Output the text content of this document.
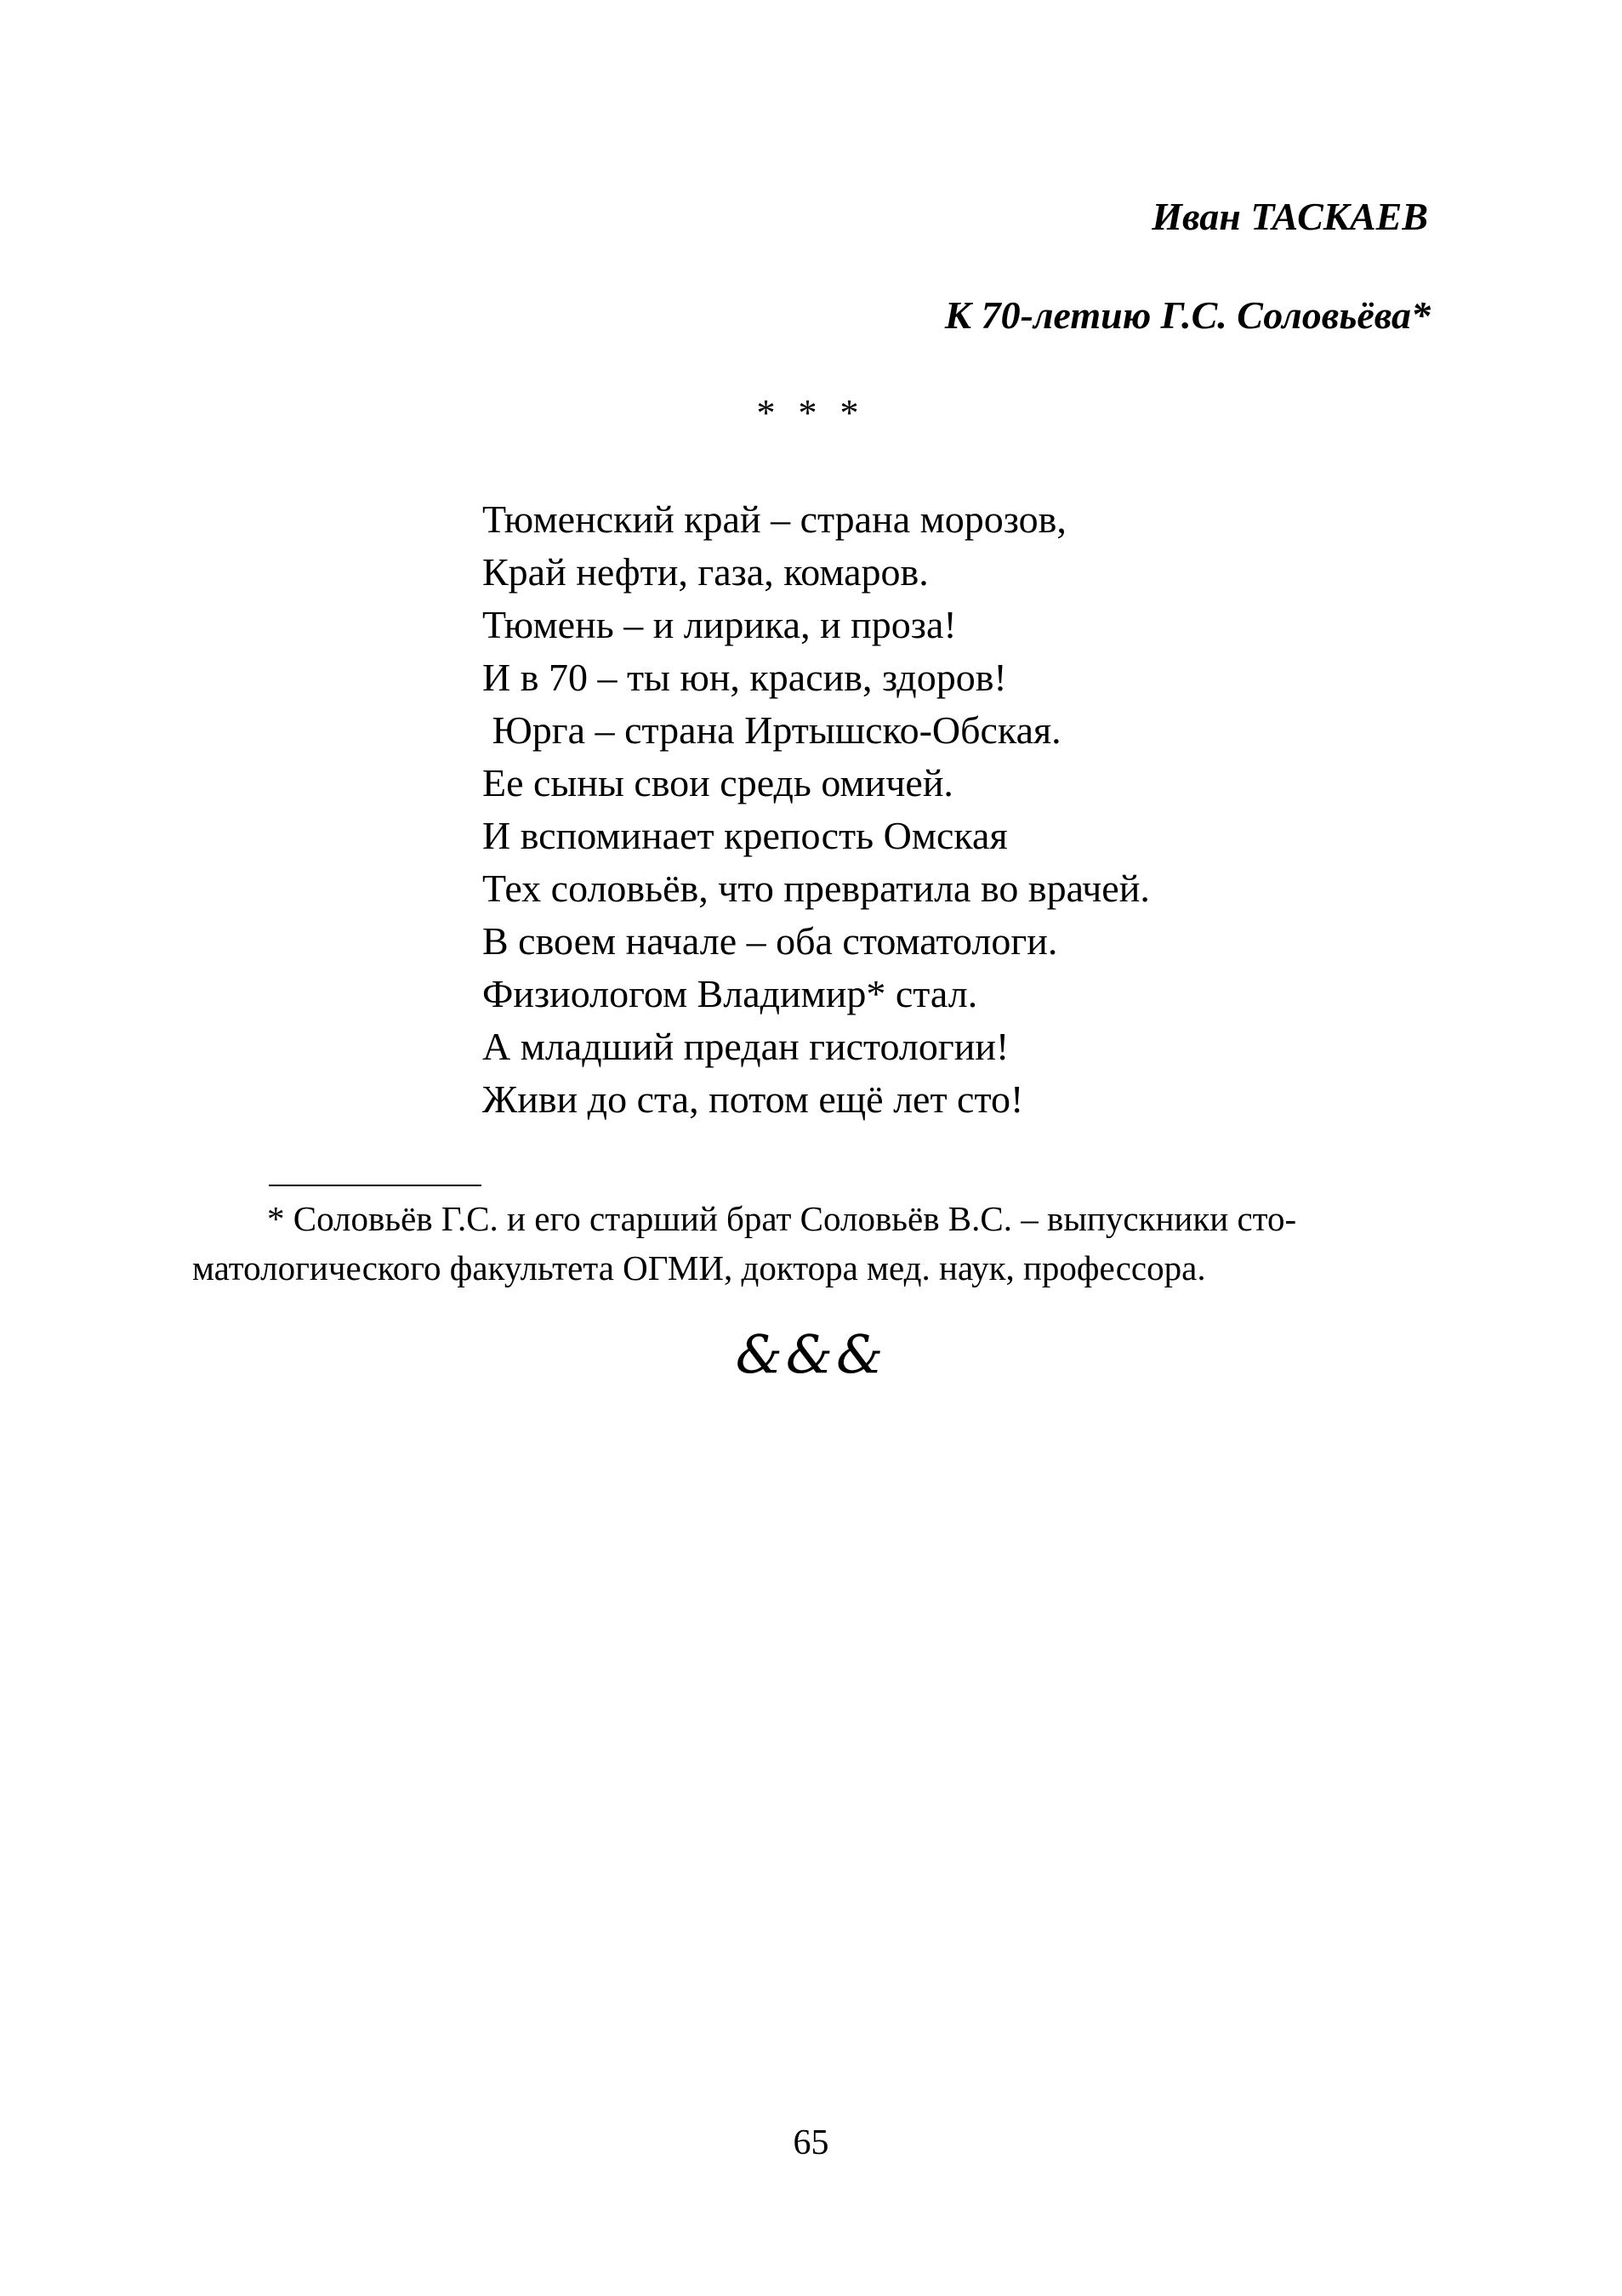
Иван ТАСКАЕВ
К 70-летию Г.С. Соловьёва*
* * *
Тюменский край – страна морозов,
Край нефти, газа, комаров.
Тюмень – и лирика, и проза!
И в 70 – ты юн, красив, здоров!
Юрга – страна Иртышско-Обская.
Ее сыны свои средь омичей.
И вспоминает крепость Омская
Тех соловьёв, что превратила во врачей.
В своем начале – оба стоматологи.
Физиологом Владимир* стал.
А младший предан гистологии!
Живи до ста, потом ещё лет сто!

* Соловьёв Г.С. и его старший брат Соловьёв В.С. – выпускники сто-
матологического факультета ОГМИ, доктора мед. наук, профессора.

&&&
65
